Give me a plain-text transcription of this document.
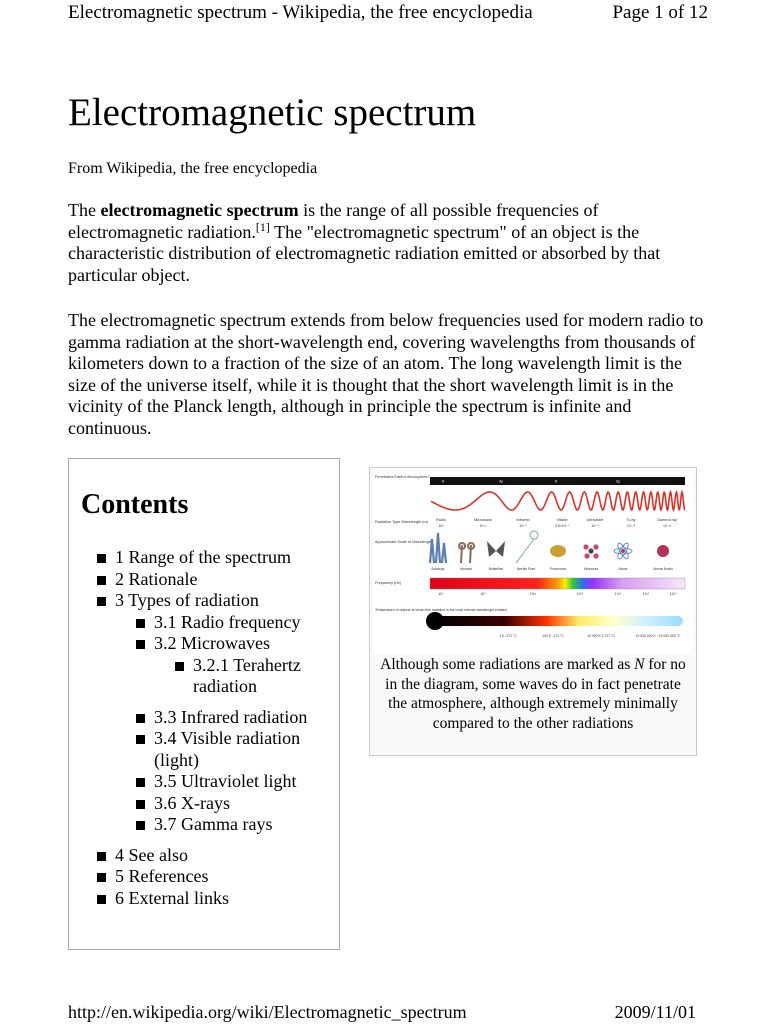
Electromagnetic spectrum - Wikipedia, the free encyclopedia	Page 1 of 12
Electromagnetic spectrum
From Wikipedia, the free encyclopedia

The electromagnetic spectrum is the range of all possible frequencies of electromagnetic radiation.[1] The "electromagnetic spectrum" of an object is the characteristic distribution of electromagnetic radiation emitted or absorbed by that particular object.

The electromagnetic spectrum extends from below frequencies used for modern radio to gamma radiation at the short-wavelength end, covering wavelengths from thousands of kilometers down to a fraction of the size of an atom. The long wavelength limit is the size of the universe itself, while it is thought that the short wavelength limit is in the vicinity of the Planck length, although in principle the spectrum is infinite and continuous.

Contents
1 Range of the spectrum
2 Rationale
3 Types of radiation
3.1 Radio frequency
3.2 Microwaves
3.2.1 Terahertz radiation
3.3 Infrared radiation
3.4 Visible radiation (light)
3.5 Ultraviolet light
3.6 X-rays
3.7 Gamma rays
4 See also
5 References
6 External links
Penetrates Earth's Atmosphere?
Y	N	Y	N
Radiation Type Wavelength (m) Radio
10³
Microwave
10⁻²
Infrared
10⁻⁵
Visible
0.5×10⁻⁶
Ultraviolet
10⁻⁸
X-ray
10⁻¹⁰
Gamma ray
10⁻¹²
Approximate Scale of Wavelength
Buildings	Humans	Butterflies	Needle Point	Protozoans	Molecules	Atoms	Atomic Nuclei
Frequency (Hz)
10⁴	10⁸	10¹²	10¹⁵	10¹⁶	10¹⁸	10²⁰
Temperature of objects at which this radiation is the most intense wavelength emitted
1 K -272 °C	100 K -173 °C	10 000 K 9 727 °C	10 000 000 K ~10 000 000 °C
Although some radiations are marked as N for no in the diagram, some waves do in fact penetrate the atmosphere, although extremely minimally compared to the other radiations
http://en.wikipedia.org/wiki/Electromagnetic_spectrum	2009/11/01
